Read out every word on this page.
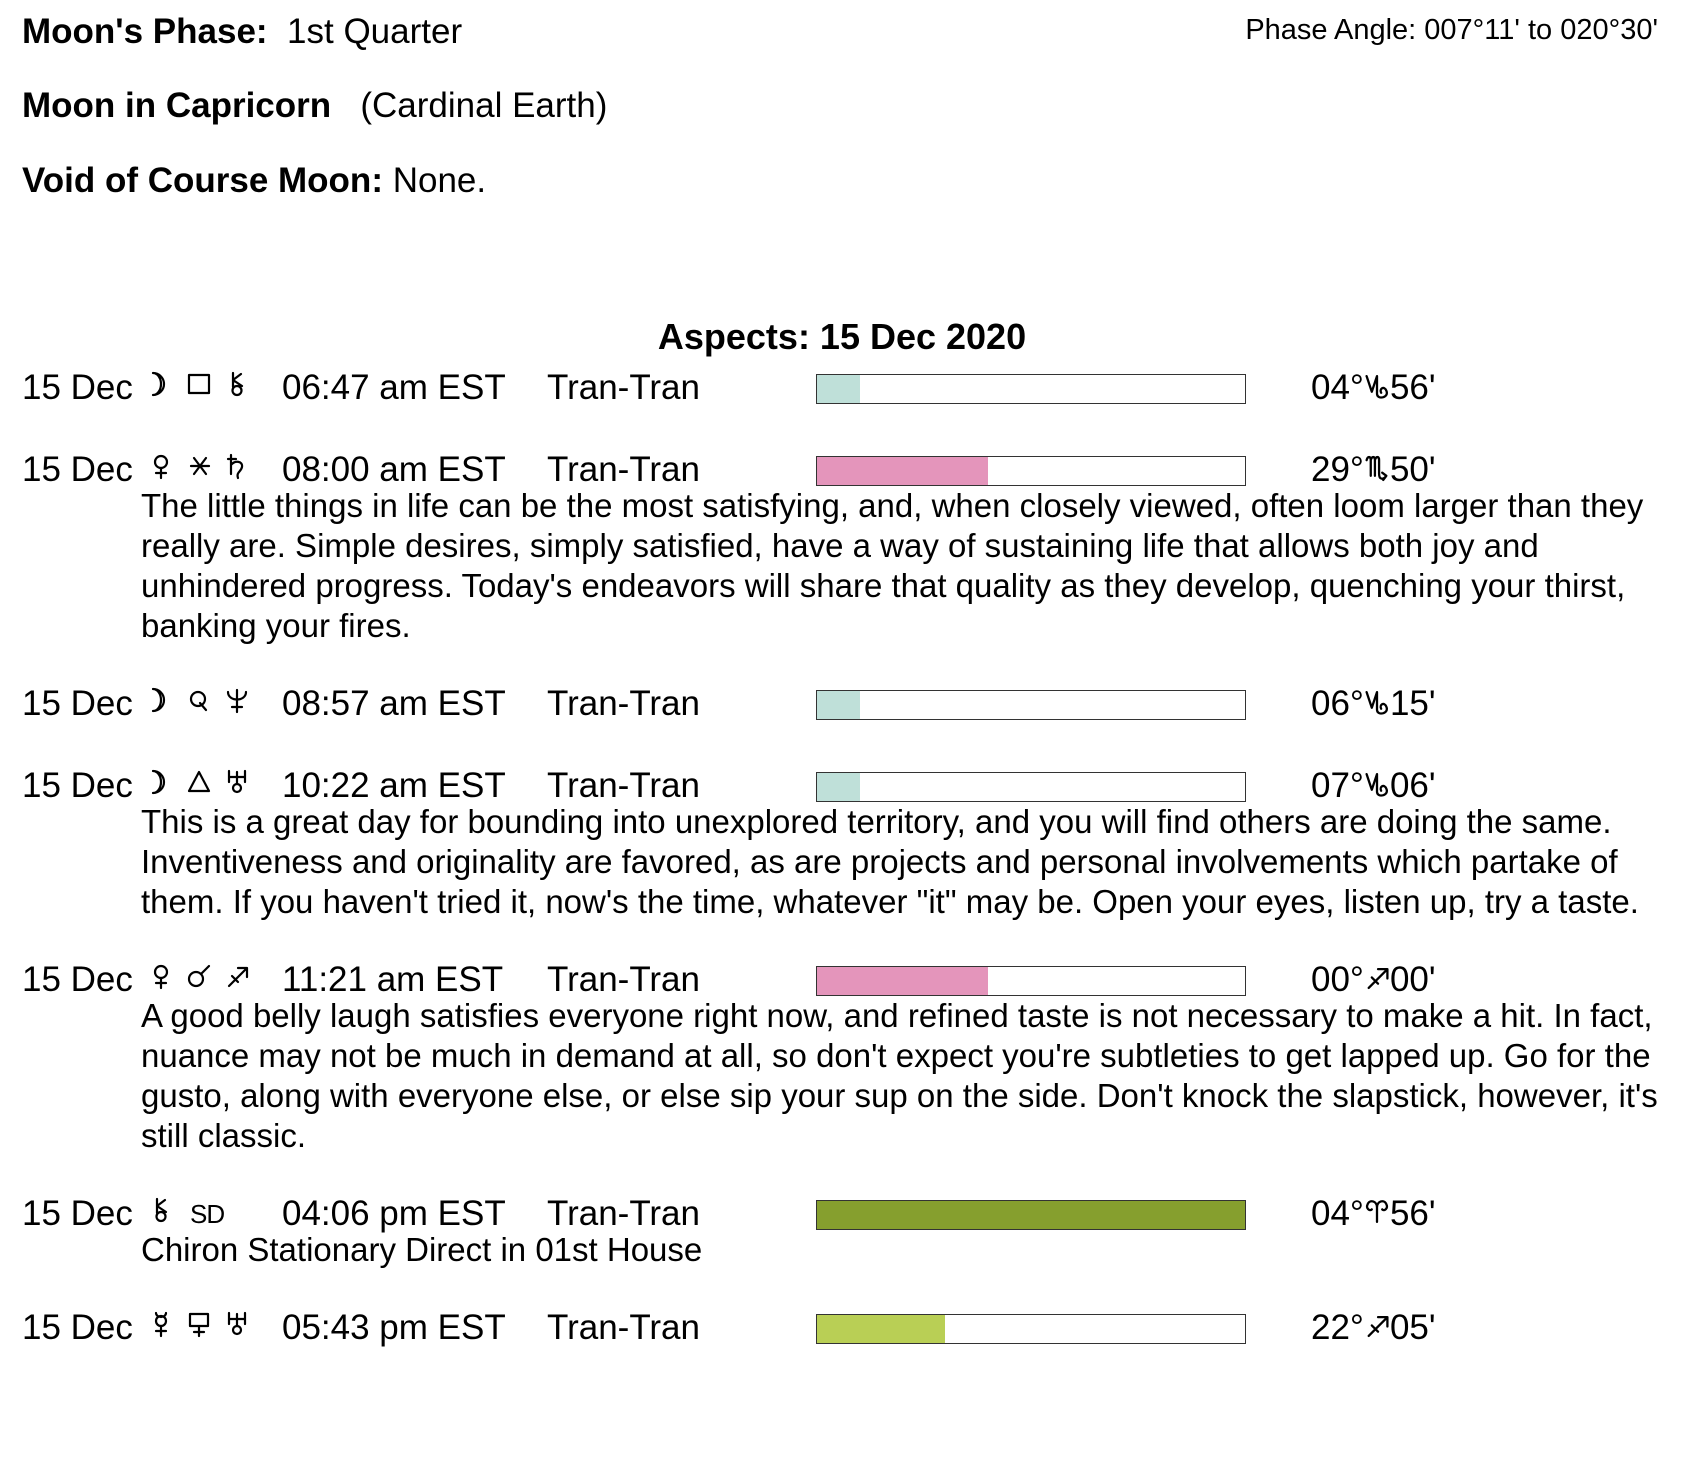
Moon's Phase: 1st Quarter	Phase Angle: 007°11' to 020°30'
Moon in Capricorn (Cardinal Earth)
Void of Course Moon: None.
Aspects: 15 Dec 2020
15 Dec	06:47 am EST Tran-Tran	04° 56'
15 Dec	08:00 am EST Tran-Tran	29° 50'
The little things in life can be the most satisfying, and, when closely viewed, often loom larger than they really are. Simple desires, simply satisfied, have a way of sustaining life that allows both joy and unhindered progress. Today's endeavors will share that quality as they develop, quenching your thirst, banking your fires.
15 Dec	08:57 am EST Tran-Tran	06° 15'
15 Dec	10:22 am EST Tran-Tran	07° 06'
This is a great day for bounding into unexplored territory, and you will find others are doing the same. Inventiveness and originality are favored, as are projects and personal involvements which partake of them. If you haven't tried it, now's the time, whatever "it" may be. Open your eyes, listen up, try a taste.
15 Dec	11:21 am EST Tran-Tran	00° 00'
A good belly laugh satisfies everyone right now, and refined taste is not necessary to make a hit. In fact, nuance may not be much in demand at all, so don't expect you're subtleties to get lapped up. Go for the gusto, along with everyone else, or else sip your sup on the side. Don't knock the slapstick, however, it's still classic.
15 Dec SD 04:06 pm EST Tran-Tran	04° 56'
Chiron Stationary Direct in 01st House
15 Dec	05:43 pm EST Tran-Tran	22° 05'
